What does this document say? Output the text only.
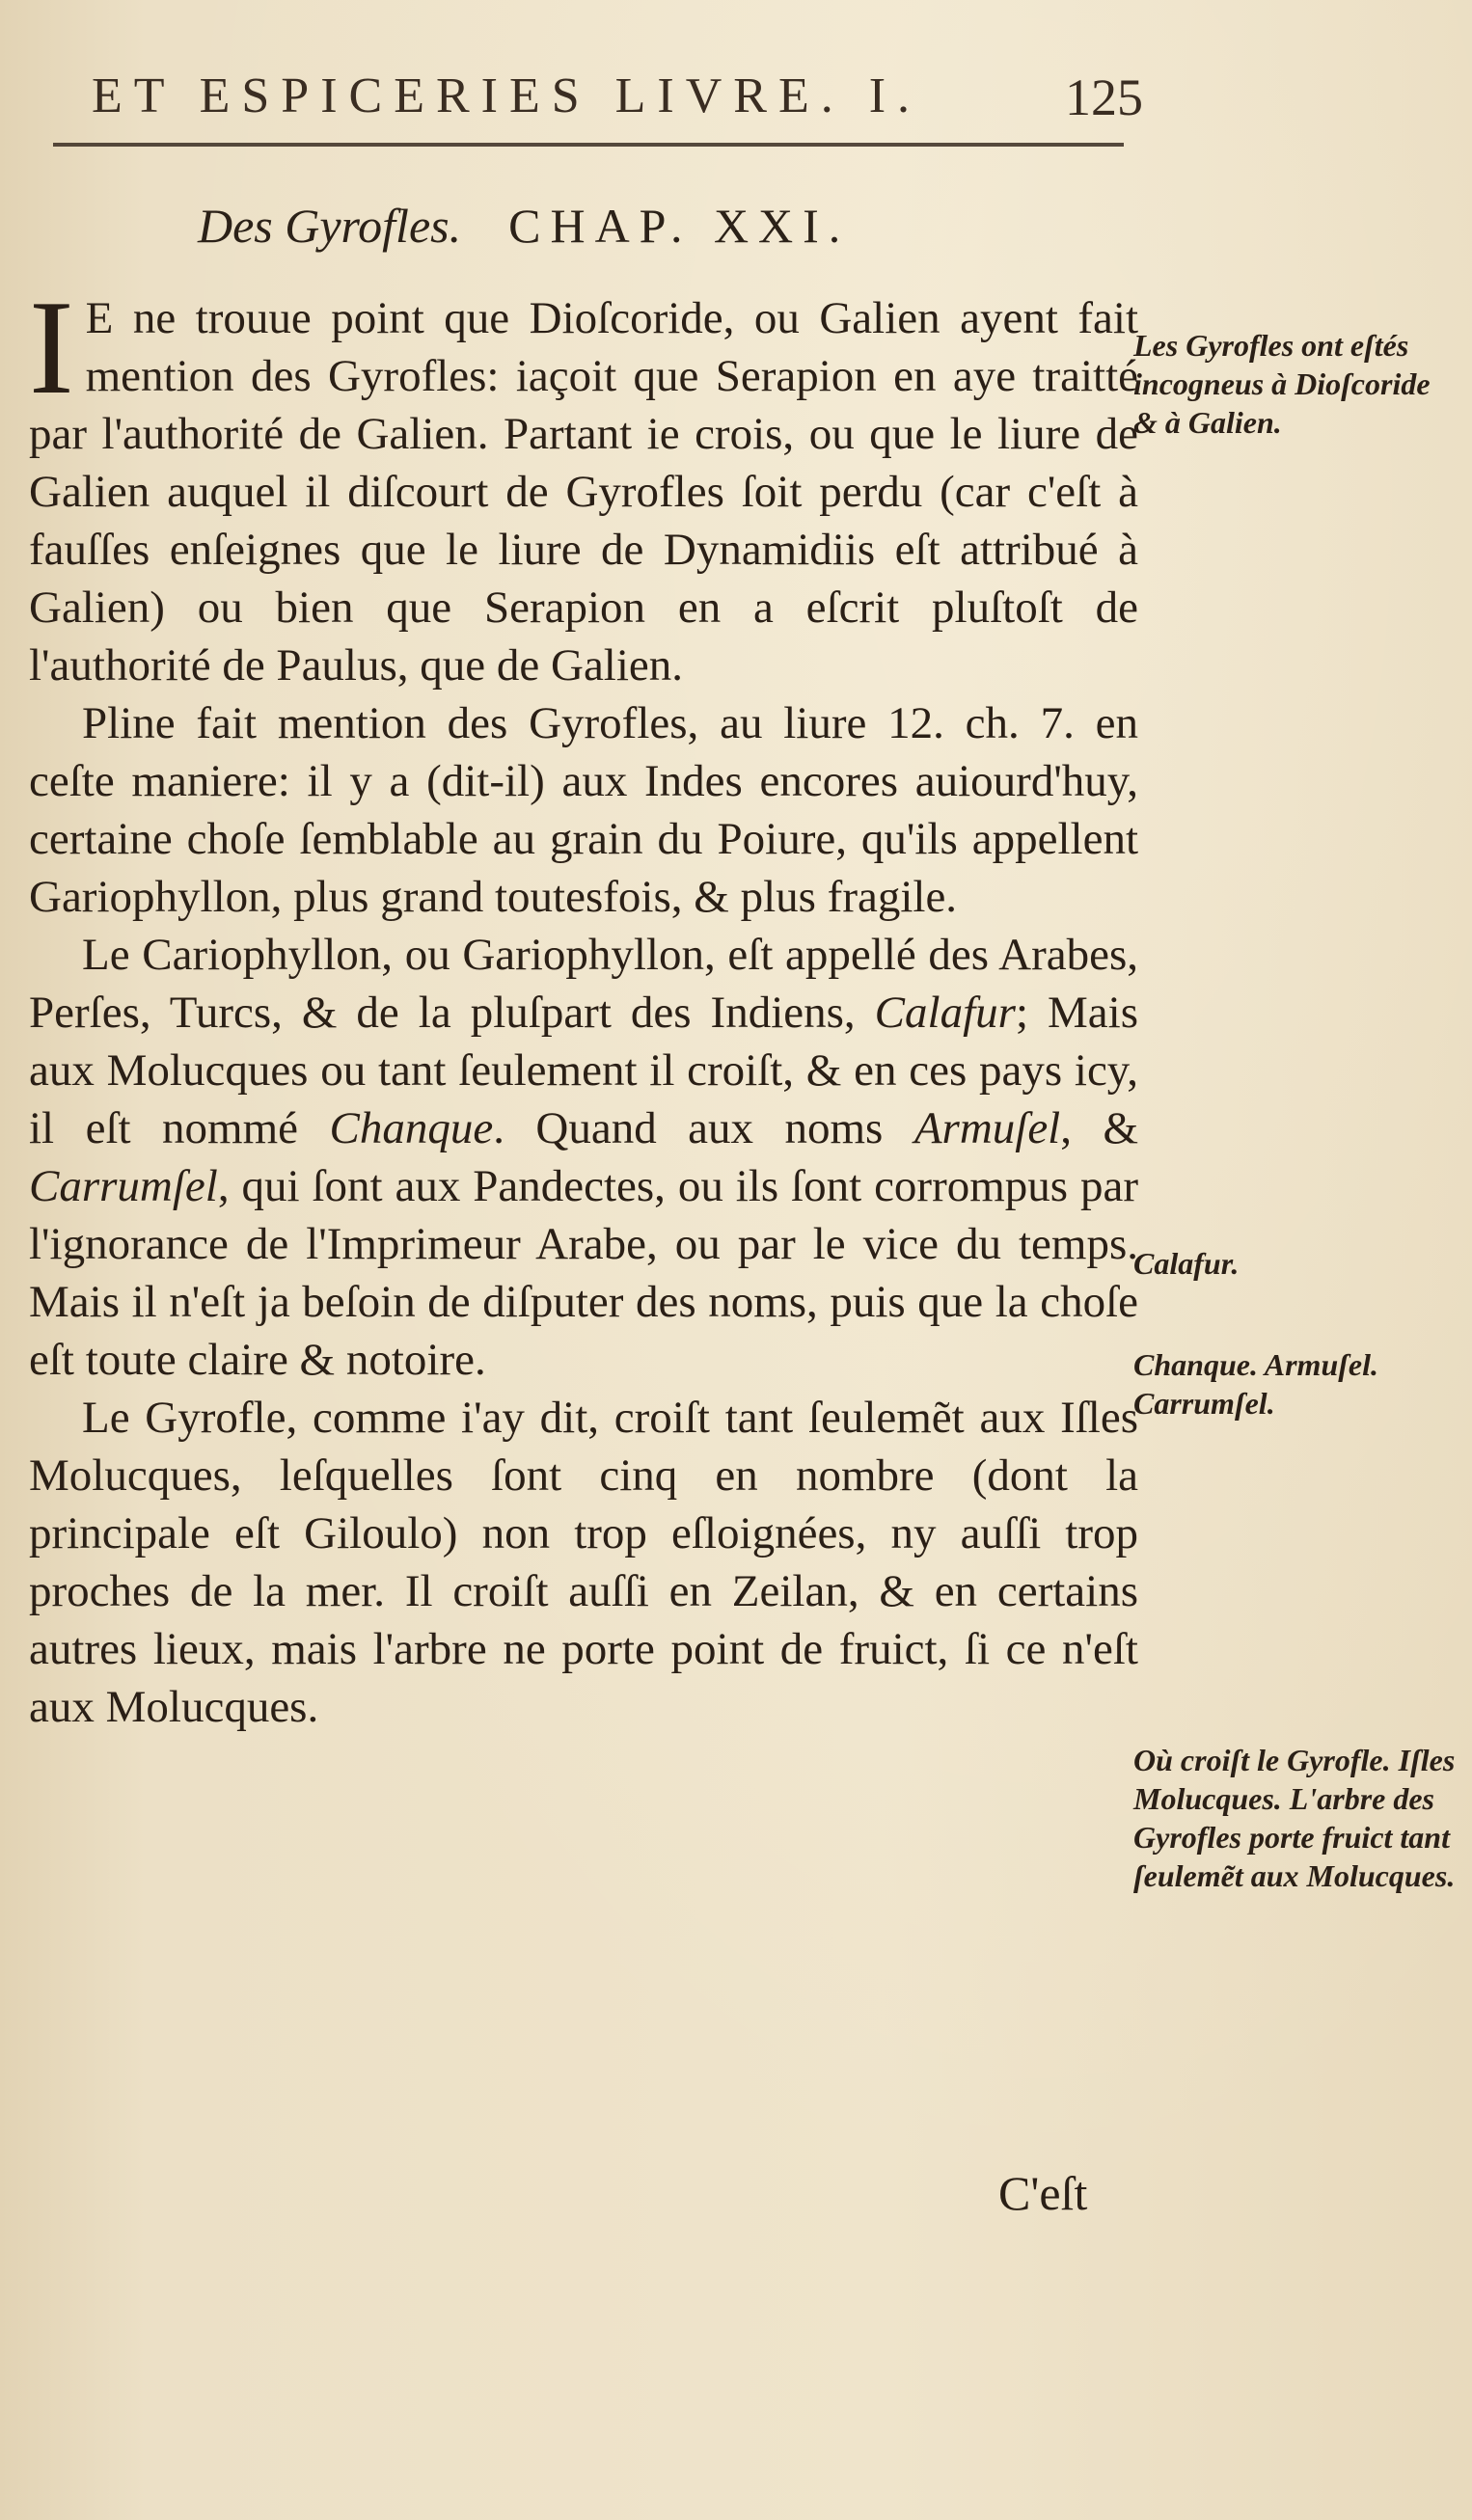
ET ESPICERIES LIVRE. I.	125
Des Gyrofles. CHAP. XXI.

I E ne trouue point que Dioſcoride, ou Galien ayent fait mention des Gyrofles: iaçoit que Serapion en aye traitté par l'authorité de Galien. Partant ie crois, ou que le liure de Galien auquel il diſcourt de Gyrofles ſoit perdu (car c'eſt à fauſſes enſeignes que le liure de Dynamidiis eſt attribué à Galien) ou bien que Serapion en a eſcrit pluſtoſt de l'authorité de Paulus, que de Galien.

Pline fait mention des Gyrofles, au liure 12. ch. 7. en ceſte maniere: il y a (dit-il) aux Indes encores auiourd'huy, certaine choſe ſemblable au grain du Poiure, qu'ils appellent Gariophyllon, plus grand toutesfois, & plus fragile.

Le Cariophyllon, ou Gariophyllon, eſt appellé des Arabes, Perſes, Turcs, & de la pluſpart des Indiens, Calafur; Mais aux Molucques ou tant ſeulement il croiſt, & en ces pays icy, il eſt nommé Chanque. Quand aux noms Armuſel, & Carrumſel, qui ſont aux Pandectes, ou ils ſont corrompus par l'ignorance de l'Imprimeur Arabe, ou par le vice du temps. Mais il n'eſt ja beſoin de diſputer des noms, puis que la choſe eſt toute claire & notoire.

Le Gyrofle, comme i'ay dit, croiſt tant ſeulemẽt aux Iſles Molucques, leſquelles ſont cinq en nombre (dont la principale eſt Giloulo) non trop eſloignées, ny auſſi trop proches de la mer. Il croiſt auſſi en Zeilan, & en certains autres lieux, mais l'arbre ne porte point de fruict, ſi ce n'eſt aux Molucques.

Les Gyrofles ont eſtés incogneus à Dioſcoride & à Galien.
Calafur.
Chanque. Armuſel. Carrumſel.
Où croiſt le Gyrofle. Iſles Molucques. L'arbre des Gyrofles porte fruict tant ſeulemẽt aux Molucques.
C'eſt
